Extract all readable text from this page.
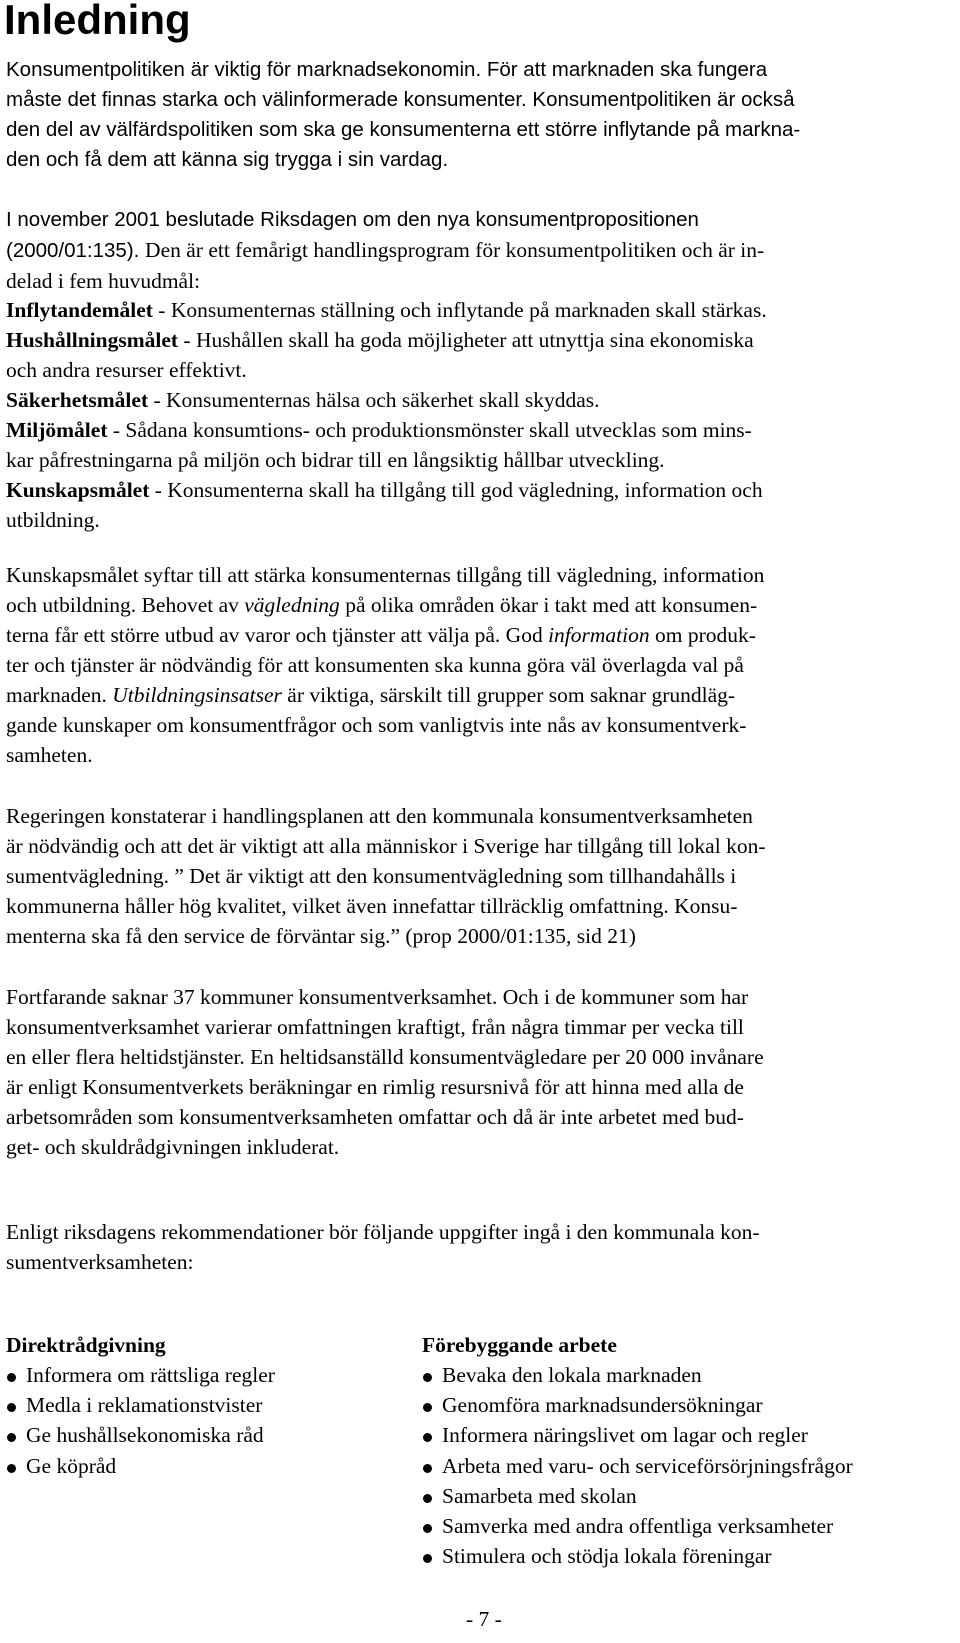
Inledning

Konsumentpolitiken är viktig för marknadsekonomin. För att marknaden ska fungera
måste det finnas starka och välinformerade konsumenter. Konsumentpolitiken är också
den del av välfärdspolitiken som ska ge konsumenterna ett större inflytande på markna-
den och få dem att känna sig trygga i sin vardag.

I november 2001 beslutade Riksdagen om den nya konsumentpropositionen
(2000/01:135). Den är ett femårigt handlingsprogram för konsumentpolitiken och är in-
delad i fem huvudmål:

Inflytandemålet - Konsumenternas ställning och inflytande på marknaden skall stärkas.
Hushållningsmålet - Hushållen skall ha goda möjligheter att utnyttja sina ekonomiska
och andra resurser effektivt.
Säkerhetsmålet - Konsumenternas hälsa och säkerhet skall skyddas.
Miljömålet - Sådana konsumtions- och produktionsmönster skall utvecklas som mins-
kar påfrestningarna på miljön och bidrar till en långsiktig hållbar utveckling.
Kunskapsmålet - Konsumenterna skall ha tillgång till god vägledning, information och
utbildning.

Kunskapsmålet syftar till att stärka konsumenternas tillgång till vägledning, information
och utbildning. Behovet av vägledning på olika områden ökar i takt med att konsumen-
terna får ett större utbud av varor och tjänster att välja på. God information om produk-
ter och tjänster är nödvändig för att konsumenten ska kunna göra väl överlagda val på
marknaden. Utbildningsinsatser är viktiga, särskilt till grupper som saknar grundläg-
gande kunskaper om konsumentfrågor och som vanligtvis inte nås av konsumentverk-
samheten.

Regeringen konstaterar i handlingsplanen att den kommunala konsumentverksamheten
är nödvändig och att det är viktigt att alla människor i Sverige har tillgång till lokal kon-
sumentvägledning. ” Det är viktigt att den konsumentvägledning som tillhandahålls i
kommunerna håller hög kvalitet, vilket även innefattar tillräcklig omfattning. Konsu-
menterna ska få den service de förväntar sig.” (prop 2000/01:135, sid 21)

Fortfarande saknar 37 kommuner konsumentverksamhet. Och i de kommuner som har
konsumentverksamhet varierar omfattningen kraftigt, från några timmar per vecka till
en eller flera heltidstjänster. En heltidsanställd konsumentvägledare per 20 000 invånare
är enligt Konsumentverkets beräkningar en rimlig resursnivå för att hinna med alla de
arbetsområden som konsumentverksamheten omfattar och då är inte arbetet med bud-
get- och skuldrådgivningen inkluderat.

Enligt riksdagens rekommendationer bör följande uppgifter ingå i den kommunala kon-
sumentverksamheten:

Direktrådgivning
Informera om rättsliga regler
Medla i reklamationstvister
Ge hushållsekonomiska råd
Ge köpråd
Förebyggande arbete
Bevaka den lokala marknaden
Genomföra marknadsundersökningar
Informera näringslivet om lagar och regler
Arbeta med varu- och serviceförsörjningsfrågor
Samarbeta med skolan
Samverka med andra offentliga verksamheter
Stimulera och stödja lokala föreningar
- 7 -
